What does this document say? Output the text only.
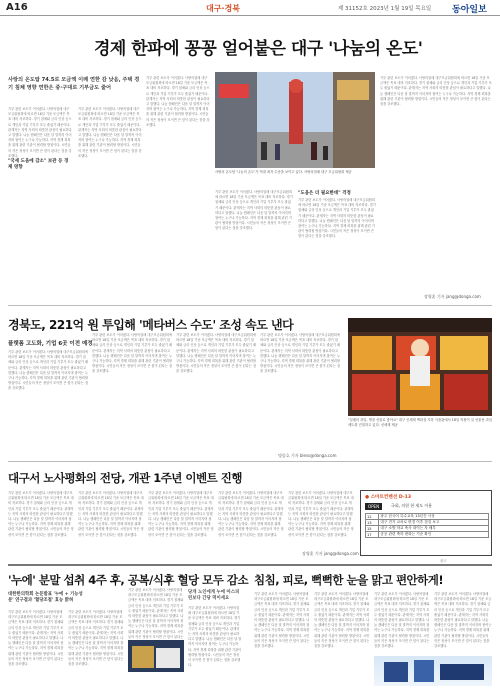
A16	대구·경북	제 31152호 2023년 1월 19일 목요일 동아일보
경제 한파에 꽁꽁 얼어붙은 대구 '나눔의 온도'
사랑의 온도탑 74.5로 모금액 이례 연한 감 낮음, 주택 경기 침체 영향 연한은 중·구대로 기부금도 줄어
기부 관련 보도가 이어졌다. 사랑의열매 대구모금위원회에 따르면 18일 기준 모금액은 목표 대비 저조하다. 경기 침체와 금리 인상 등으로 개인과 기업 기부가 모두 줄었기 때문이다. 관계자는 지역 사회의 따뜻한 관심이 필요하다고 말했다. 나눔 캠페인은 다음 달 말까지 이어지며 참여는 누구나 가능하다. 지역 경제 회복을 위해 관련 기관이 협력할 방침이다. 시민들의 작은 정성이 모이면 큰 힘이 된다는 점을 강조했다.
기부 관련 보도가 이어졌다. 사랑의열매 대구모금위원회에 따르면 18일 기준 모금액은 목표 대비 저조하다. 경기 침체와 금리 인상 등으로 개인과 기업 기부가 모두 줄었기 때문이다. 관계자는 지역 사회의 따뜻한 관심이 필요하다고 말했다. 나눔 캠페인은 다음 달 말까지 이어지며 참여는 누구나 가능하다. 지역 경제 회복을 위해 관련 기관이 협력할 방침이다. 시민들의 작은 정성이 모이면 큰 힘이 된다는 점을 강조했다.
"국세 도움에 감소" 보관 등 경제 영향
기부 관련 보도가 이어졌다. 사랑의열매 대구모금위원회에 따르면 18일 기준 모금액은 목표 대비 저조하다. 경기 침체와 금리 인상 등으로 개인과 기업 기부가 모두 줄었기 때문이다. 관계자는 지역 사회의 따뜻한 관심이 필요하다고 말했다. 나눔 캠페인은 다음 달 말까지 이어지며 참여는 누구나 가능하다. 지역 경제 회복을 위해 관련 기관이 협력할 방침이다. 시민들의 작은 정성이 모이면 큰 힘이 된다는 점을 강조했다.
사랑의 온도탑 ‘나눔의 온도’가 역대 최저 수준을 보이고 있다. 사랑의열매 대구 모금위원회 제공
기부 관련 보도가 이어졌다. 사랑의열매 대구모금위원회에 따르면 18일 기준 모금액은 목표 대비 저조하다. 경기 침체와 금리 인상 등으로 개인과 기업 기부가 모두 줄었기 때문이다. 관계자는 지역 사회의 따뜻한 관심이 필요하다고 말했다. 나눔 캠페인은 다음 달 말까지 이어지며 참여는 누구나 가능하다. 지역 경제 회복을 위해 관련 기관이 협력할 방침이다. 시민들의 작은 정성이 모이면 큰 힘이 된다는 점을 강조했다.
"도움은 더 필요한데" 걱정
기부 관련 보도가 이어졌다. 사랑의열매 대구모금위원회에 따르면 18일 기준 모금액은 목표 대비 저조하다. 경기 침체와 금리 인상 등으로 개인과 기업 기부가 모두 줄었기 때문이다. 관계자는 지역 사회의 따뜻한 관심이 필요하다고 말했다. 나눔 캠페인은 다음 달 말까지 이어지며 참여는 누구나 가능하다. 지역 경제 회복을 위해 관련 기관이 협력할 방침이다. 시민들의 작은 정성이 모이면 큰 힘이 된다는 점을 강조했다.
기부 관련 보도가 이어졌다. 사랑의열매 대구모금위원회에 따르면 18일 기준 모금액은 목표 대비 저조하다. 경기 침체와 금리 인상 등으로 개인과 기업 기부가 모두 줄었기 때문이다. 관계자는 지역 사회의 따뜻한 관심이 필요하다고 말했다. 나눔 캠페인은 다음 달 말까지 이어지며 참여는 누구나 가능하다. 지역 경제 회복을 위해 관련 기관이 협력할 방침이다. 시민들의 작은 정성이 모이면 큰 힘이 된다는 점을 강조했다.
장영훈 기자 jang@donga.com
경북도, 221억 원 투입해 '메타버스 수도' 조성 속도 낸다
플랫폼 고도화, 기업 6곳 이전 예정
기부 관련 보도가 이어졌다. 사랑의열매 대구모금위원회에 따르면 18일 기준 모금액은 목표 대비 저조하다. 경기 침체와 금리 인상 등으로 개인과 기업 기부가 모두 줄었기 때문이다. 관계자는 지역 사회의 따뜻한 관심이 필요하다고 말했다. 나눔 캠페인은 다음 달 말까지 이어지며 참여는 누구나 가능하다. 지역 경제 회복을 위해 관련 기관이 협력할 방침이다. 시민들의 작은 정성이 모이면 큰 힘이 된다는 점을 강조했다.
기부 관련 보도가 이어졌다. 사랑의열매 대구모금위원회에 따르면 18일 기준 모금액은 목표 대비 저조하다. 경기 침체와 금리 인상 등으로 개인과 기업 기부가 모두 줄었기 때문이다. 관계자는 지역 사회의 따뜻한 관심이 필요하다고 말했다. 나눔 캠페인은 다음 달 말까지 이어지며 참여는 누구나 가능하다. 지역 경제 회복을 위해 관련 기관이 협력할 방침이다. 시민들의 작은 정성이 모이면 큰 힘이 된다는 점을 강조했다.
기부 관련 보도가 이어졌다. 사랑의열매 대구모금위원회에 따르면 18일 기준 모금액은 목표 대비 저조하다. 경기 침체와 금리 인상 등으로 개인과 기업 기부가 모두 줄었기 때문이다. 관계자는 지역 사회의 따뜻한 관심이 필요하다고 말했다. 나눔 캠페인은 다음 달 말까지 이어지며 참여는 누구나 가능하다. 지역 경제 회복을 위해 관련 기관이 협력할 방침이다. 시민들의 작은 정성이 모이면 큰 힘이 된다는 점을 강조했다.
기부 관련 보도가 이어졌다. 사랑의열매 대구모금위원회에 따르면 18일 기준 모금액은 목표 대비 저조하다. 경기 침체와 금리 인상 등으로 개인과 기업 기부가 모두 줄었기 때문이다. 관계자는 지역 사회의 따뜻한 관심이 필요하다고 말했다. 나눔 캠페인은 다음 달 말까지 이어지며 참여는 누구나 가능하다. 지역 경제 회복을 위해 관련 기관이 협력할 방침이다. 시민들의 작은 정성이 모이면 큰 힘이 된다는 점을 강조했다.
명종호 기자 bless@donga.com
"설렘의 과일, 명절 선물로 좋아요" 대구 신세계 백화점 지하 식품관에서 18일 직원이 설 선물용 과일 세트를 진열하고 있다. 신세계 제공
대구서 노사평화의 전당, 개관 1주년 이벤트 진행
기부 관련 보도가 이어졌다. 사랑의열매 대구모금위원회에 따르면 18일 기준 모금액은 목표 대비 저조하다. 경기 침체와 금리 인상 등으로 개인과 기업 기부가 모두 줄었기 때문이다. 관계자는 지역 사회의 따뜻한 관심이 필요하다고 말했다. 나눔 캠페인은 다음 달 말까지 이어지며 참여는 누구나 가능하다. 지역 경제 회복을 위해 관련 기관이 협력할 방침이다. 시민들의 작은 정성이 모이면 큰 힘이 된다는 점을 강조했다.
기부 관련 보도가 이어졌다. 사랑의열매 대구모금위원회에 따르면 18일 기준 모금액은 목표 대비 저조하다. 경기 침체와 금리 인상 등으로 개인과 기업 기부가 모두 줄었기 때문이다. 관계자는 지역 사회의 따뜻한 관심이 필요하다고 말했다. 나눔 캠페인은 다음 달 말까지 이어지며 참여는 누구나 가능하다. 지역 경제 회복을 위해 관련 기관이 협력할 방침이다. 시민들의 작은 정성이 모이면 큰 힘이 된다는 점을 강조했다.
기부 관련 보도가 이어졌다. 사랑의열매 대구모금위원회에 따르면 18일 기준 모금액은 목표 대비 저조하다. 경기 침체와 금리 인상 등으로 개인과 기업 기부가 모두 줄었기 때문이다. 관계자는 지역 사회의 따뜻한 관심이 필요하다고 말했다. 나눔 캠페인은 다음 달 말까지 이어지며 참여는 누구나 가능하다. 지역 경제 회복을 위해 관련 기관이 협력할 방침이다. 시민들의 작은 정성이 모이면 큰 힘이 된다는 점을 강조했다.
기부 관련 보도가 이어졌다. 사랑의열매 대구모금위원회에 따르면 18일 기준 모금액은 목표 대비 저조하다. 경기 침체와 금리 인상 등으로 개인과 기업 기부가 모두 줄었기 때문이다. 관계자는 지역 사회의 따뜻한 관심이 필요하다고 말했다. 나눔 캠페인은 다음 달 말까지 이어지며 참여는 누구나 가능하다. 지역 경제 회복을 위해 관련 기관이 협력할 방침이다. 시민들의 작은 정성이 모이면 큰 힘이 된다는 점을 강조했다.
기부 관련 보도가 이어졌다. 사랑의열매 대구모금위원회에 따르면 18일 기준 모금액은 목표 대비 저조하다. 경기 침체와 금리 인상 등으로 개인과 기업 기부가 모두 줄었기 때문이다. 관계자는 지역 사회의 따뜻한 관심이 필요하다고 말했다. 나눔 캠페인은 다음 달 말까지 이어지며 참여는 누구나 가능하다. 지역 경제 회복을 위해 관련 기관이 협력할 방침이다. 시민들의 작은 정성이 모이면 큰 힘이 된다는 점을 강조했다.
장영훈 기자 jang@donga.com
● 스마트컨벤션 D-13
OPEN	국회, 의원 현 제도 이용
12	광주 한국어 특수교육 13년간 사상
13	대구 전기 교차로 변경 이후 점검 보고
15	대구 소방 학교 축사 내이는 자 배부
17	공공 관련 축하 변화는 기준 확인
광고
'누에' 분말 섭취 4주 후, 공복/식후 혈당 모두 감소
대한한의학회 논문발표 '누에 + 기능성분' 연구결과 '혈당조절' 효능 밝혀
기부 관련 보도가 이어졌다. 사랑의열매 대구모금위원회에 따르면 18일 기준 모금액은 목표 대비 저조하다. 경기 침체와 금리 인상 등으로 개인과 기업 기부가 모두 줄었기 때문이다. 관계자는 지역 사회의 따뜻한 관심이 필요하다고 말했다. 나눔 캠페인은 다음 달 말까지 이어지며 참여는 누구나 가능하다. 지역 경제 회복을 위해 관련 기관이 협력할 방침이다. 시민들의 작은 정성이 모이면 큰 힘이 된다는 점을 강조했다.
기부 관련 보도가 이어졌다. 사랑의열매 대구모금위원회에 따르면 18일 기준 모금액은 목표 대비 저조하다. 경기 침체와 금리 인상 등으로 개인과 기업 기부가 모두 줄었기 때문이다. 관계자는 지역 사회의 따뜻한 관심이 필요하다고 말했다. 나눔 캠페인은 다음 달 말까지 이어지며 참여는 누구나 가능하다. 지역 경제 회복을 위해 관련 기관이 협력할 방침이다. 시민들의 작은 정성이 모이면 큰 힘이 된다는 점을 강조했다.
기부 관련 보도가 이어졌다. 사랑의열매 대구모금위원회에 따르면 18일 기준 모금액은 목표 대비 저조하다. 경기 침체와 금리 인상 등으로 개인과 기업 기부가 모두 줄었기 때문이다. 관계자는 지역 사회의 따뜻한 관심이 필요하다고 말했다. 나눔 캠페인은 다음 달 말까지 이어지며 참여는 누구나 가능하다. 지역 경제 회복을 위해 관련 기관이 협력할 방침이다. 시민들의 작은 정성이 모이면 큰 힘이 된다는
당개 노인에게 누에 아스피린보다 간당 먹이세요
기부 관련 보도가 이어졌다. 사랑의열매 대구모금위원회에 따르면 18일 기준 모금액은 목표 대비 저조하다. 경기 침체와 금리 인상 등으로 개인과 기업 기부가 모두 줄었기 때문이다. 관계자는 지역 사회의 따뜻한 관심이 필요하다고 말했다. 나눔 캠페인은 다음 달 말까지 이어지며 참여는 누구나 가능하다. 지역 경제 회복을 위해 관련 기관이 협력할 방침이다. 시민들의 작은 정성이 모이면 큰 힘이 된다는 점을 강조했다.
침침, 피로, 뻑뻑한 눈을 맑고 편안하게!
기부 관련 보도가 이어졌다. 사랑의열매 대구모금위원회에 따르면 18일 기준 모금액은 목표 대비 저조하다. 경기 침체와 금리 인상 등으로 개인과 기업 기부가 모두 줄었기 때문이다. 관계자는 지역 사회의 따뜻한 관심이 필요하다고 말했다. 나눔 캠페인은 다음 달 말까지 이어지며 참여는 누구나 가능하다. 지역 경제 회복을 위해 관련 기관이 협력할 방침이다. 시민들의 작은 정성이 모이면 큰 힘이 된다는 점을 강조했다.
기부 관련 보도가 이어졌다. 사랑의열매 대구모금위원회에 따르면 18일 기준 모금액은 목표 대비 저조하다. 경기 침체와 금리 인상 등으로 개인과 기업 기부가 모두 줄었기 때문이다. 관계자는 지역 사회의 따뜻한 관심이 필요하다고 말했다. 나눔 캠페인은 다음 달 말까지 이어지며 참여는 누구나 가능하다. 지역 경제 회복을 위해 관련 기관이 협력할 방침이다. 시민들의 작은 정성이 모이면 큰 힘이 된다는 점을 강조했다.
기부 관련 보도가 이어졌다. 사랑의열매 대구모금위원회에 따르면 18일 기준 모금액은 목표 대비 저조하다. 경기 침체와 금리 인상 등으로 개인과 기업 기부가 모두 줄었기 때문이다. 관계자는 지역 사회의 따뜻한 관심이 필요하다고 말했다. 나눔 캠페인은 다음 달 말까지 이어지며 참여는 누구나 가능하다. 지역 경제 회복을 위해 관련 기관이 협력할 방침이다. 시민들의 작은 정성이 모이면 큰 힘이 된다는 점을 강조했다.
기부 관련 보도가 이어졌다. 사랑의열매 대구모금위원회에 따르면 18일 기준 모금액은 목표 대비 저조하다. 경기 침체와 금리 인상 등으로 개인과 기업 기부가 모두 줄었기 때문이다. 관계자는 지역 사회의 따뜻한 관심이 필요하다고 말했다. 나눔 캠페인은 다음 달 말까지 이어지며 참여는 누구나 가능하다. 지역 경제 회복을 위해 관련 기관이 협력할 방침이다. 시민들의 작은 정성이 모이면 큰 힘이 된다는 점을 강조했다.
